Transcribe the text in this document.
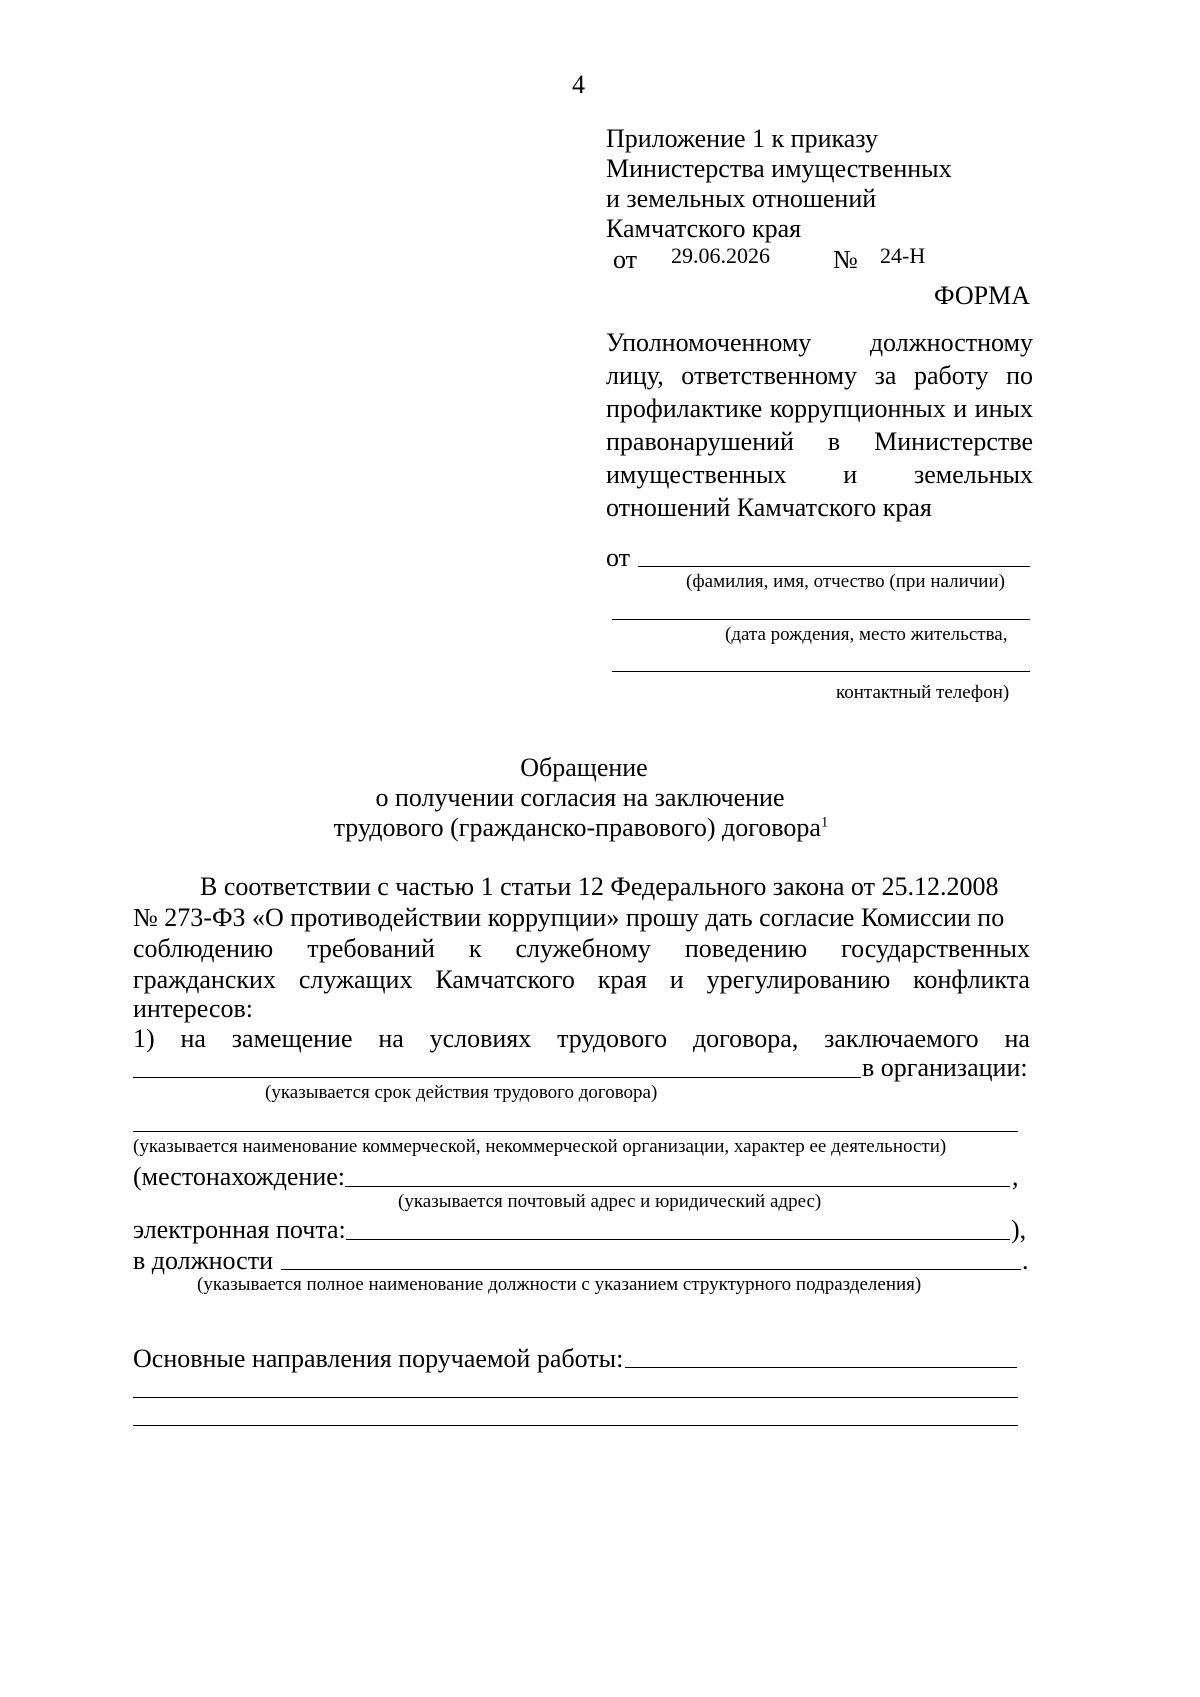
4
Приложение 1 к приказу
Министерства имущественных
и земельных отношений
Камчатского края
от 29.06.2026 № 24-Н
ФОРМА
Уполномоченному должностному
лицу, ответственному за работу по
профилактике коррупционных и иных
правонарушений в Министерстве
имущественных и земельных
отношений Камчатского края
от
(фамилия, имя, отчество (при наличии)
(дата рождения, место жительства,
контактный телефон)
Обращение
о получении согласия на заключение
трудового (гражданско-правового) договора$^1$
В соответствии с частью 1 статьи 12 Федерального закона от 25.12.2008
№ 273-ФЗ «О противодействии коррупции» прошу дать согласие Комиссии по
соблюдению требований к служебному поведению государственных
гражданских служащих Камчатского края и урегулированию конфликта
интересов:
1) на замещение на условиях трудового договора, заключаемого на
в организации:
(указывается срок действия трудового договора)
(указывается наименование коммерческой, некоммерческой организации, характер ее деятельности)
(местонахождение:	,
(указывается почтовый адрес и юридический адрес)
электронная почта:	),
в должности	.
(указывается полное наименование должности с указанием структурного подразделения)
Основные направления поручаемой работы:
